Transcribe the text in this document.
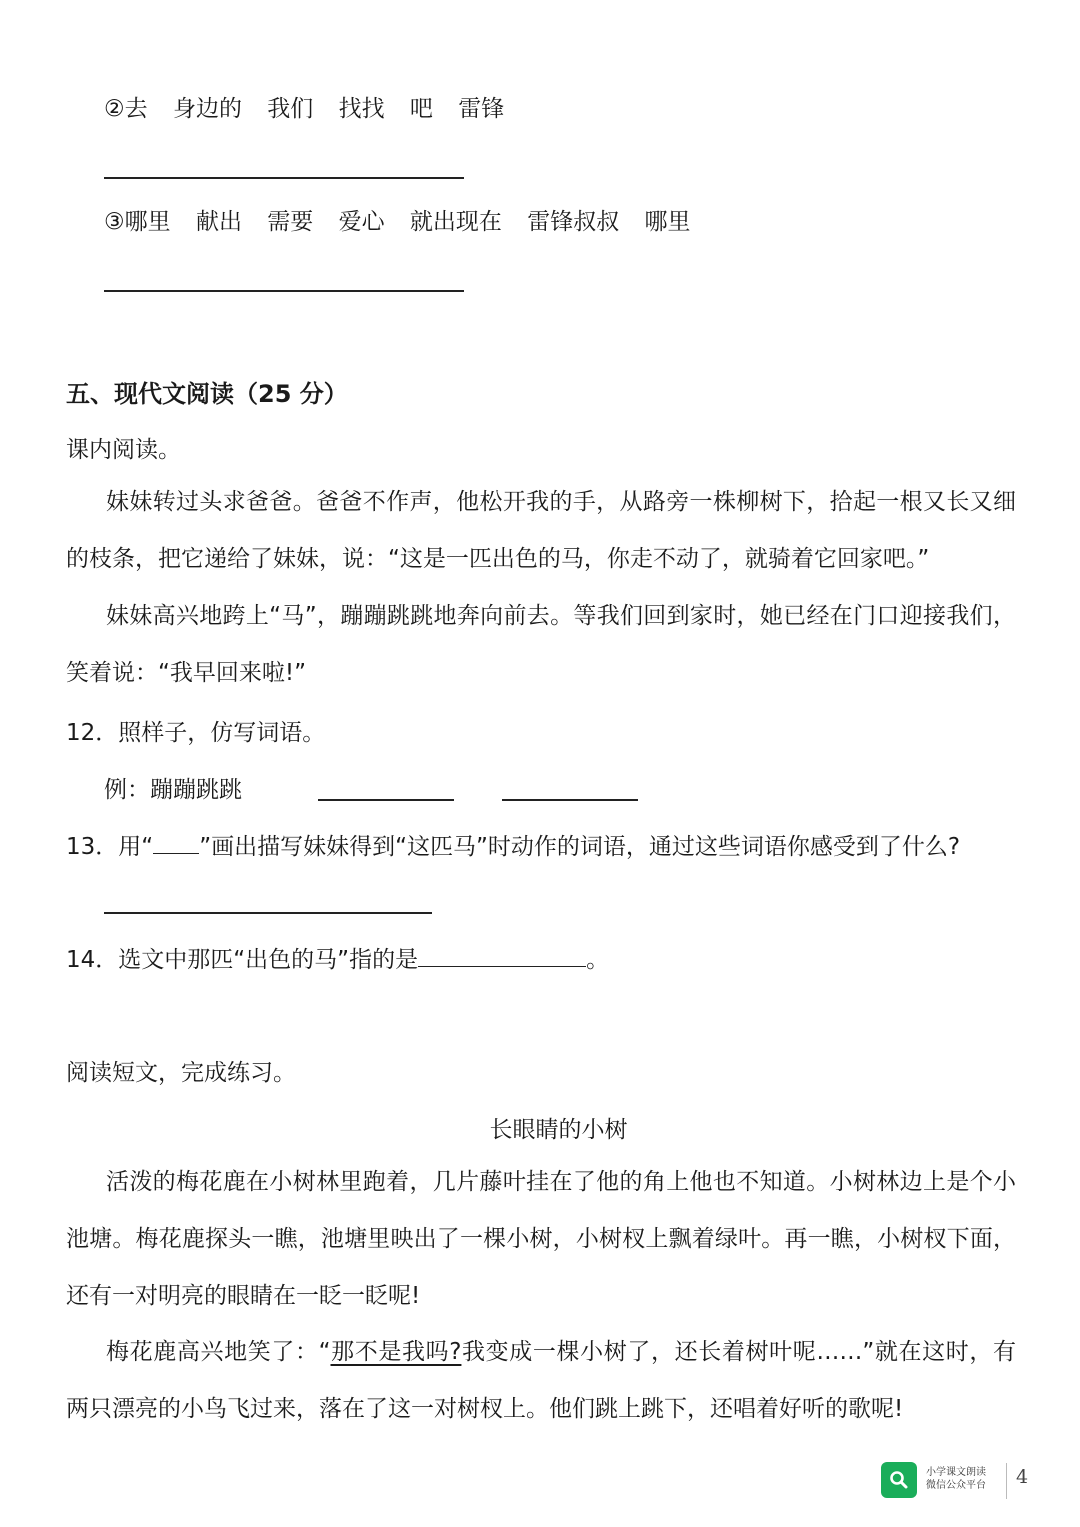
②去 身边的 我们 找找 吧 雷锋
③哪里 献出 需要 爱心 就出现在 雷锋叔叔 哪里
五、现代文阅读（25 分）
课内阅读。
妹妹转过头求爸爸。爸爸不作声，他松开我的手，从路旁一株柳树下，拾起一根又长又细的枝条，把它递给了妹妹，说：“这是一匹出色的马，你走不动了，就骑着它回家吧。”
妹妹高兴地跨上“马”，蹦蹦跳跳地奔向前去。等我们回到家时，她已经在门口迎接我们，笑着说：“我早回来啦!”
12．照样子，仿写词语。
例：蹦蹦跳跳
13．用“ ”画出描写妹妹得到“这匹马”时动作的词语，通过这些词语你感受到了什么?
14．选文中那匹“出色的马”指的是	。
阅读短文，完成练习。
长眼睛的小树
活泼的梅花鹿在小树林里跑着，几片藤叶挂在了他的角上他也不知道。小树林边上是个小池塘。梅花鹿探头一瞧，池塘里映出了一棵小树，小树杈上飘着绿叶。再一瞧，小树杈下面，还有一对明亮的眼睛在一眨一眨呢!
梅花鹿高兴地笑了：“那不是我吗?我变成一棵小树了，还长着树叶呢……”就在这时，有两只漂亮的小鸟飞过来，落在了这一对树杈上。他们跳上跳下，还唱着好听的歌呢!
小学课文朗读
微信公众平台 4
